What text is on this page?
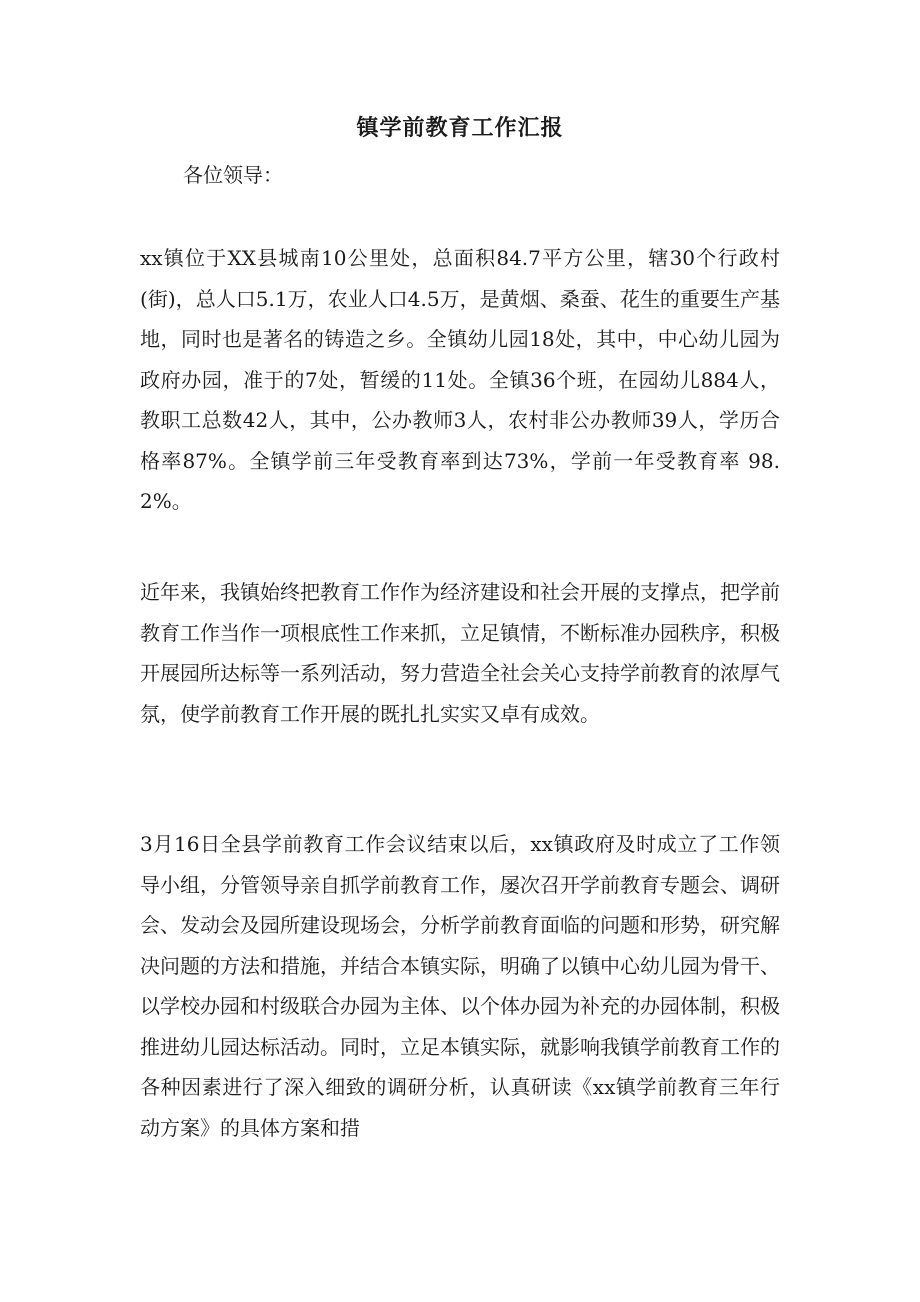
镇学前教育工作汇报
各位领导：

xx镇位于XX县城南10公里处，总面积84.7平方公里，辖30个行政村(街)，总人口5.1万，农业人口4.5万，是黄烟、桑蚕、花生的重要生产基地，同时也是著名的铸造之乡。全镇幼儿园18处，其中，中心幼儿园为政府办园，准于的7处，暂缓的11处。全镇36个班，在园幼儿884人，教职工总数42人，其中，公办教师3人，农村非公办教师39人，学历合格率87%。全镇学前三年受教育率到达73%，学前一年受教育率 98.2%。

近年来，我镇始终把教育工作作为经济建设和社会开展的支撑点，把学前教育工作当作一项根底性工作来抓，立足镇情，不断标准办园秩序，积极开展园所达标等一系列活动，努力营造全社会关心支持学前教育的浓厚气氛，使学前教育工作开展的既扎扎实实又卓有成效。

3月16日全县学前教育工作会议结束以后，xx镇政府及时成立了工作领导小组，分管领导亲自抓学前教育工作，屡次召开学前教育专题会、调研会、发动会及园所建设现场会，分析学前教育面临的问题和形势，研究解决问题的方法和措施，并结合本镇实际，明确了以镇中心幼儿园为骨干、以学校办园和村级联合办园为主体、以个体办园为补充的办园体制，积极推进幼儿园达标活动。同时，立足本镇实际，就影响我镇学前教育工作的各种因素进行了深入细致的调研分析，认真研读《xx镇学前教育三年行动方案》的具体方案和措
